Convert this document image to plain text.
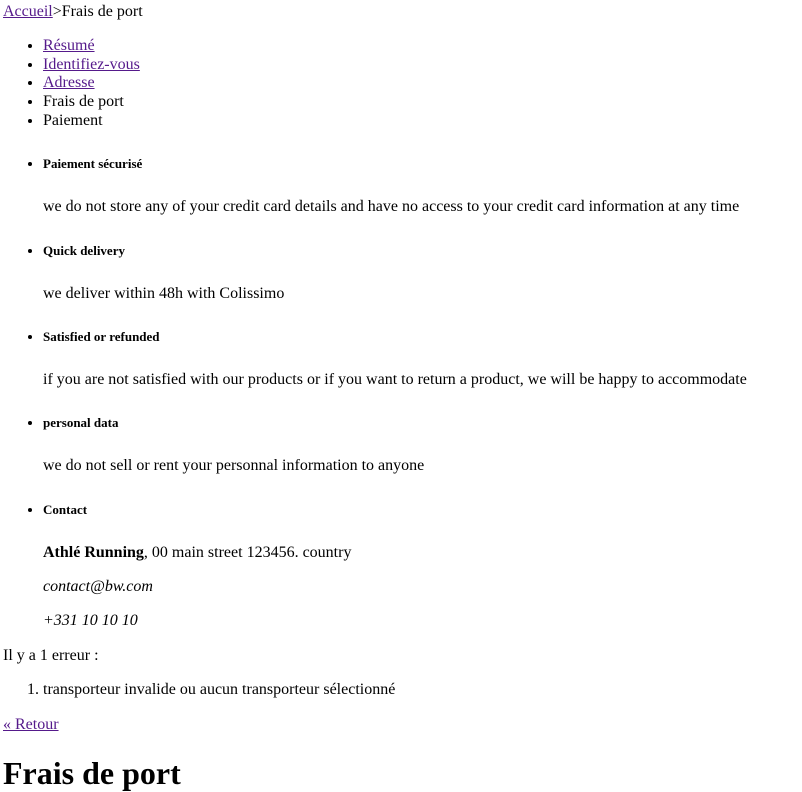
Accueil>Frais de port

• Résumé
• Identifiez-vous
• Adresse
• Frais de port
• Paiement
• Paiement sécurisé

we do not store any of your credit card details and have no access to your credit card information at any time

• Quick delivery

we deliver within 48h with Colissimo

• Satisfied or refunded

if you are not satisfied with our products or if you want to return a product, we will be happy to accommodate

• personal data

we do not sell or rent your personnal information to anyone

• Contact

Athlé Running, 00 main street 123456. country

contact@bw.com

+331 10 10 10

Il y a 1 erreur :

1. transporteur invalide ou aucun transporteur sélectionné

« Retour

Frais de port
